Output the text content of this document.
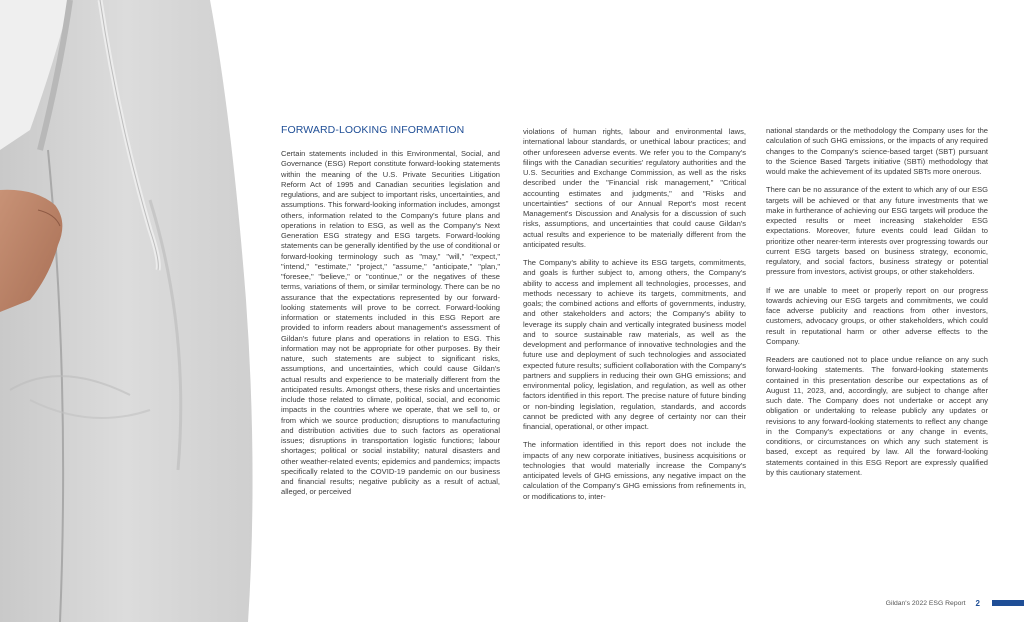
FORWARD-LOOKING INFORMATION

Certain statements included in this Environmental, Social, and Governance (ESG) Report constitute forward-looking statements within the meaning of the U.S. Private Securities Litigation Reform Act of 1995 and Canadian securities legislation and regulations, and are subject to important risks, uncertainties, and assumptions. This forward-looking information includes, amongst others, information related to the Company's future plans and operations in relation to ESG, as well as the Company's Next Generation ESG strategy and ESG targets. Forward-looking statements can be generally identified by the use of conditional or forward-looking terminology such as "may," "will," "expect," "intend," "estimate," "project," "assume," "anticipate," "plan," "foresee," "believe," or "continue," or the negatives of these terms, variations of them, or similar terminology. There can be no assurance that the expectations represented by our forward-looking statements will prove to be correct. Forward-looking information or statements included in this ESG Report are provided to inform readers about management's assessment of Gildan's future plans and operations in relation to ESG. This information may not be appropriate for other purposes. By their nature, such statements are subject to significant risks, assumptions, and uncertainties, which could cause Gildan's actual results and experience to be materially different from the anticipated results. Amongst others, these risks and uncertainties include those related to climate, political, social, and economic impacts in the countries where we operate, that we sell to, or from which we source production; disruptions to manufacturing and distribution activities due to such factors as operational issues; disruptions in transportation logistic functions; labour shortages; political or social instability; natural disasters and other weather-related events; epidemics and pandemics; impacts specifically related to the COVID-19 pandemic on our business and financial results; negative publicity as a result of actual, alleged, or perceived

violations of human rights, labour and environmental laws, international labour standards, or unethical labour practices; and other unforeseen adverse events. We refer you to the Company's filings with the Canadian securities' regulatory authorities and the U.S. Securities and Exchange Commission, as well as the risks described under the "Financial risk management," "Critical accounting estimates and judgments," and "Risks and uncertainties" sections of our Annual Report's most recent Management's Discussion and Analysis for a discussion of such risks, assumptions, and uncertainties that could cause Gildan's actual results and experience to be materially different from the anticipated results.

The Company's ability to achieve its ESG targets, commitments, and goals is further subject to, among others, the Company's ability to access and implement all technologies, processes, and methods necessary to achieve its targets, commitments, and goals; the combined actions and efforts of governments, industry, and other stakeholders and actors; the Company's ability to leverage its supply chain and vertically integrated business model and to source sustainable raw materials, as well as the development and performance of innovative technologies and the future use and deployment of such technologies and associated expected future results; sufficient collaboration with the Company's partners and suppliers in reducing their own GHG emissions; and environmental policy, legislation, and regulation, as well as other factors identified in this report. The precise nature of future binding or non-binding legislation, regulation, standards, and accords cannot be predicted with any degree of certainty nor can their financial, operational, or other impact.

The information identified in this report does not include the impacts of any new corporate initiatives, business acquisitions or technologies that would materially increase the Company's anticipated levels of GHG emissions, any negative impact on the calculation of the Company's GHG emissions from refinements in, or modifications to, inter-

national standards or the methodology the Company uses for the calculation of such GHG emissions, or the impacts of any required changes to the Company's science-based target (SBT) pursuant to the Science Based Targets initiative (SBTi) methodology that would make the achievement of its updated SBTs more onerous.

There can be no assurance of the extent to which any of our ESG targets will be achieved or that any future investments that we make in furtherance of achieving our ESG targets will produce the expected results or meet increasing stakeholder ESG expectations. Moreover, future events could lead Gildan to prioritize other nearer-term interests over progressing towards our current ESG targets based on business strategy, economic, regulatory, and social factors, business strategy or potential pressure from investors, activist groups, or other stakeholders.

If we are unable to meet or properly report on our progress towards achieving our ESG targets and commitments, we could face adverse publicity and reactions from other investors, customers, advocacy groups, or other stakeholders, which could result in reputational harm or other adverse effects to the Company.

Readers are cautioned not to place undue reliance on any such forward-looking statements. The forward-looking statements contained in this presentation describe our expectations as of August 11, 2023, and, accordingly, are subject to change after such date. The Company does not undertake or accept any obligation or undertaking to release publicly any updates or revisions to any forward-looking statements to reflect any change in the Company's expectations or any change in events, conditions, or circumstances on which any such statement is based, except as required by law. All the forward-looking statements contained in this ESG Report are expressly qualified by this cautionary statement.

Gildan's 2022 ESG Report 2
